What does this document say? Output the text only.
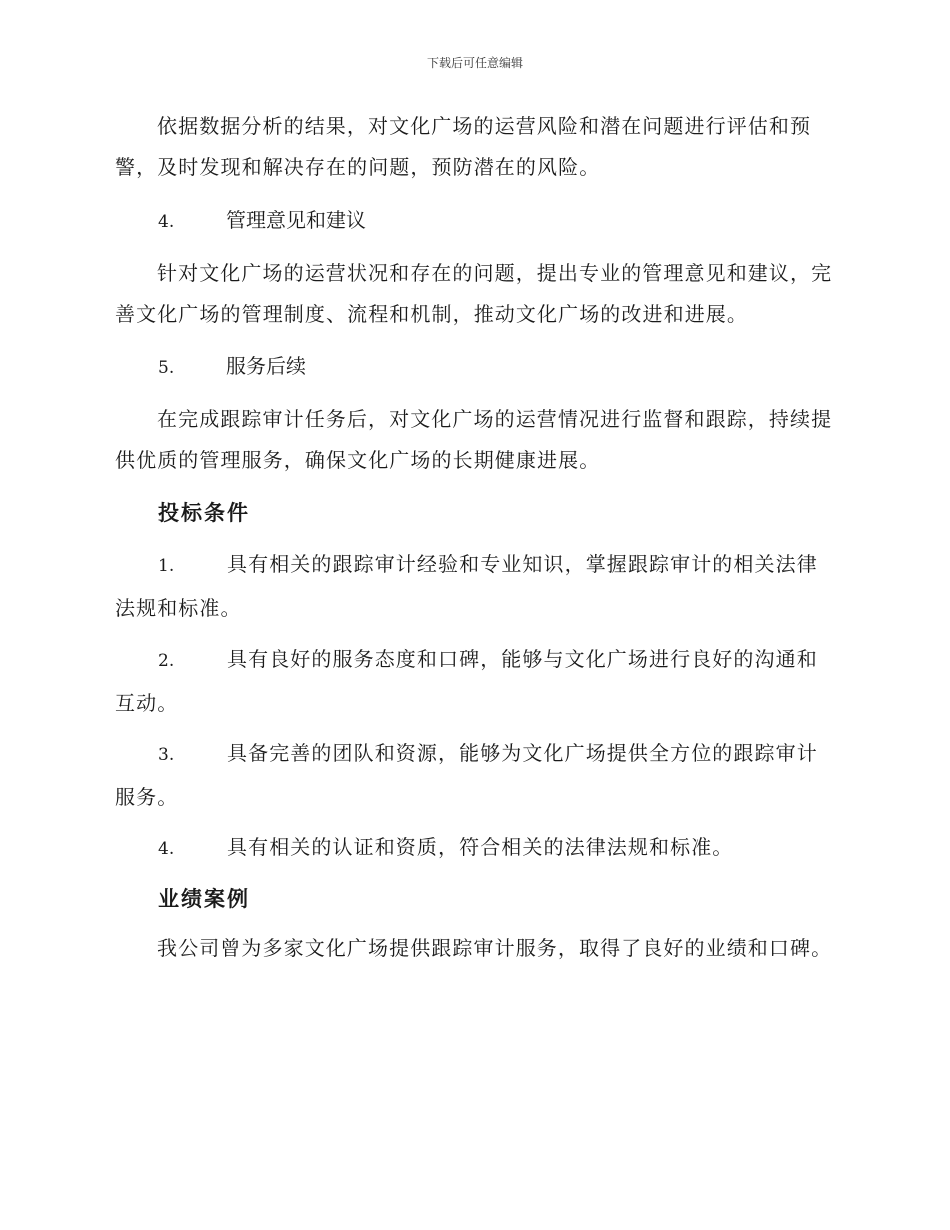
下载后可任意编辑
依据数据分析的结果，对文化广场的运营风险和潜在问题进行评估和预警，及时发现和解决存在的问题，预防潜在的风险。
4.	管理意见和建议
针对文化广场的运营状况和存在的问题，提出专业的管理意见和建议，完善文化广场的管理制度、流程和机制，推动文化广场的改进和进展。
5.	服务后续
在完成跟踪审计任务后，对文化广场的运营情况进行监督和跟踪，持续提供优质的管理服务，确保文化广场的长期健康进展。
投标条件
1.	具有相关的跟踪审计经验和专业知识，掌握跟踪审计的相关法律法规和标准。
2.	具有良好的服务态度和口碑，能够与文化广场进行良好的沟通和互动。
3.	具备完善的团队和资源，能够为文化广场提供全方位的跟踪审计服务。
4.	具有相关的认证和资质，符合相关的法律法规和标准。
业绩案例
我公司曾为多家文化广场提供跟踪审计服务，取得了良好的业绩和口碑。
